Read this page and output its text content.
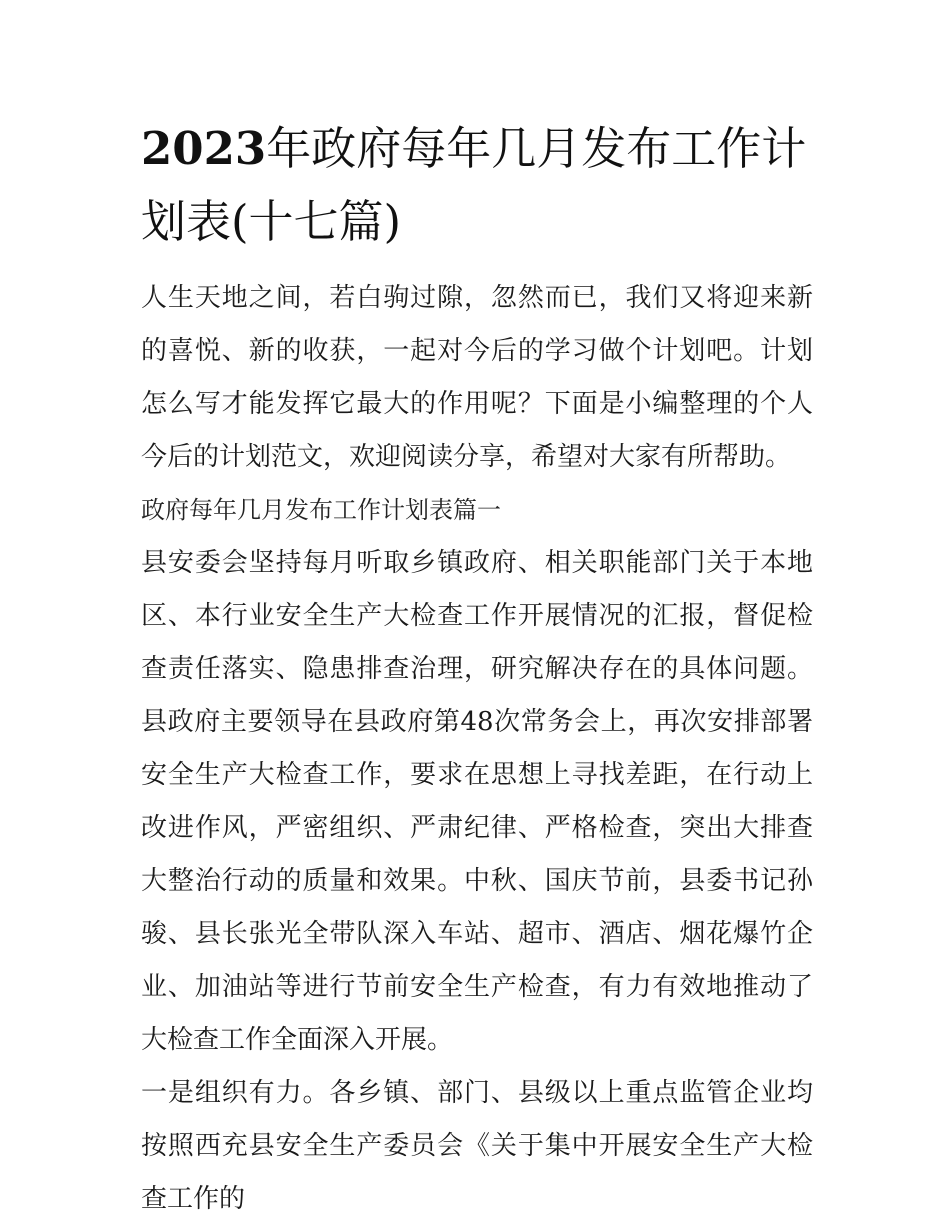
2023年政府每年几月发布工作计划表(十七篇)

人生天地之间，若白驹过隙，忽然而已，我们又将迎来新的喜悦、新的收获，一起对今后的学习做个计划吧。计划怎么写才能发挥它最大的作用呢？下面是小编整理的个人今后的计划范文，欢迎阅读分享，希望对大家有所帮助。

政府每年几月发布工作计划表篇一

县安委会坚持每月听取乡镇政府、相关职能部门关于本地区、本行业安全生产大检查工作开展情况的汇报，督促检查责任落实、隐患排查治理，研究解决存在的具体问题。县政府主要领导在县政府第48次常务会上，再次安排部署安全生产大检查工作，要求在思想上寻找差距，在行动上改进作风，严密组织、严肃纪律、严格检查，突出大排查大整治行动的质量和效果。中秋、国庆节前，县委书记孙骏、县长张光全带队深入车站、超市、酒店、烟花爆竹企业、加油站等进行节前安全生产检查，有力有效地推动了大检查工作全面深入开展。

一是组织有力。各乡镇、部门、县级以上重点监管企业均按照西充县安全生产委员会《关于集中开展安全生产大检查工作的
